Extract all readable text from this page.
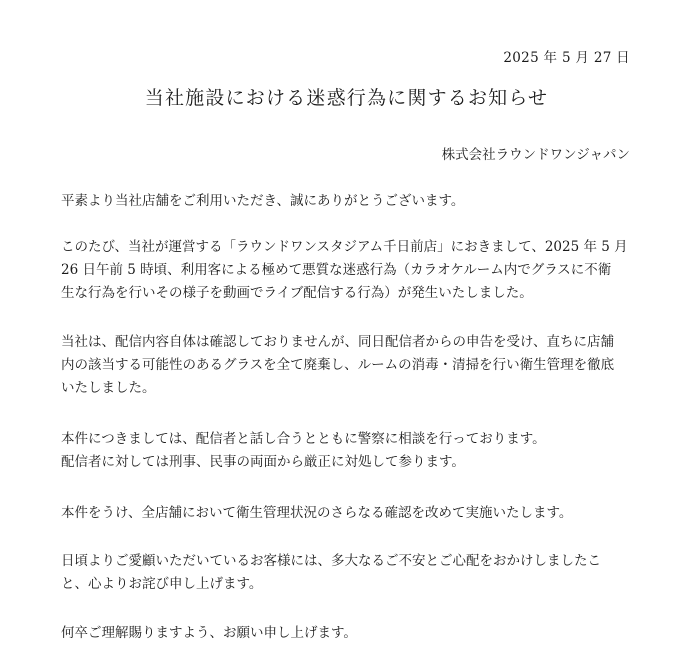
2025 年 5 月 27 日
当社施設における迷惑行為に関するお知らせ
株式会社ラウンドワンジャパン
平素より当社店舗をご利用いただき、誠にありがとうございます。
このたび、当社が運営する「ラウンドワンスタジアム千日前店」におきまして、2025 年 5 月
26 日午前 5 時頃、利用客による極めて悪質な迷惑行為（カラオケルーム内でグラスに不衛
生な行為を行いその様子を動画でライブ配信する行為）が発生いたしました。
当社は、配信内容自体は確認しておりませんが、同日配信者からの申告を受け、直ちに店舗
内の該当する可能性のあるグラスを全て廃棄し、ルームの消毒・清掃を行い衛生管理を徹底
いたしました。
本件につきましては、配信者と話し合うとともに警察に相談を行っております。
配信者に対しては刑事、民事の両面から厳正に対処して参ります。
本件をうけ、全店舗において衛生管理状況のさらなる確認を改めて実施いたします。
日頃よりご愛顧いただいているお客様には、多大なるご不安とご心配をおかけしましたこ
と、心よりお詫び申し上げます。
何卒ご理解賜りますよう、お願い申し上げます。
